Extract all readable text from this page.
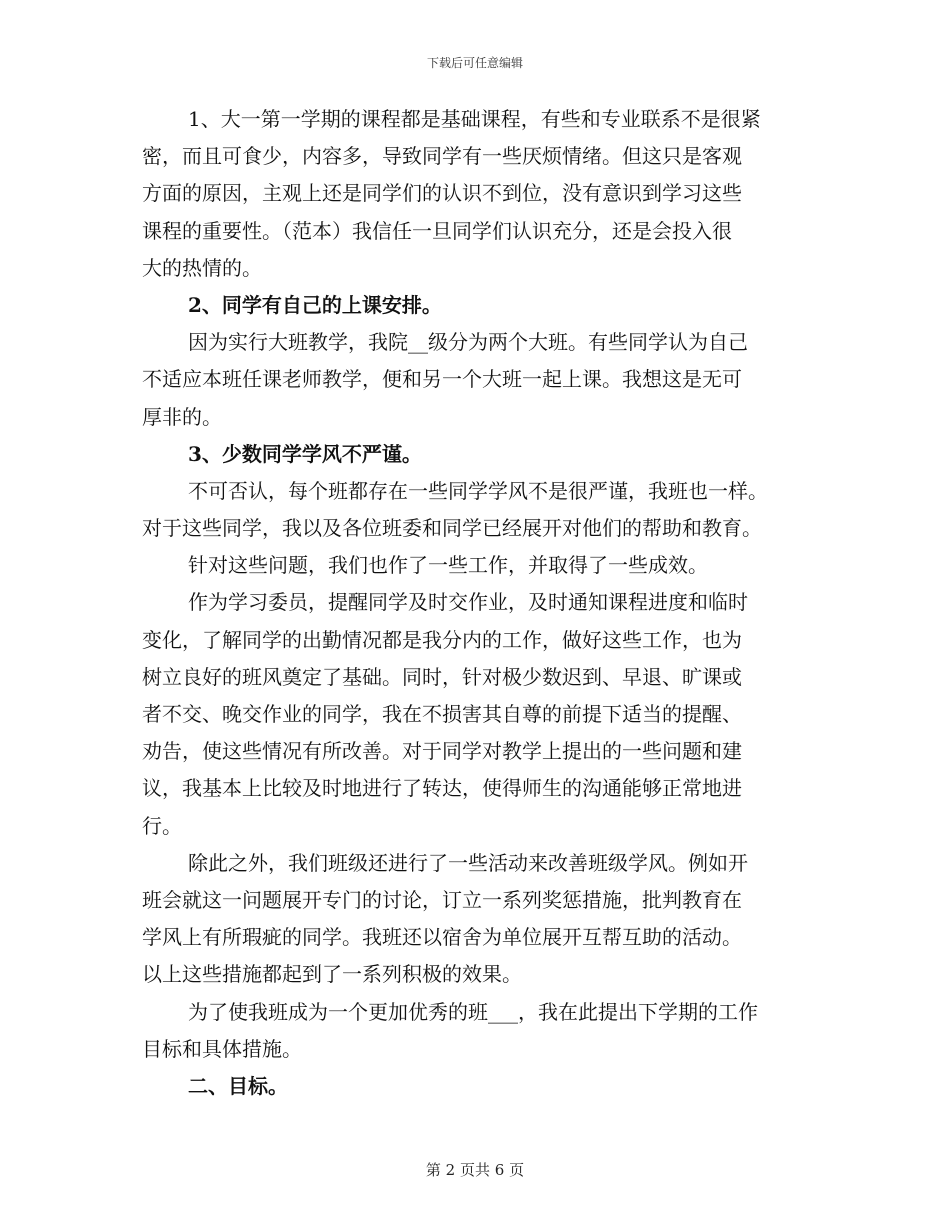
下载后可任意编辑
1、大一第一学期的课程都是基础课程，有些和专业联系不是很紧
密，而且可食少，内容多，导致同学有一些厌烦情绪。但这只是客观
方面的原因，主观上还是同学们的认识不到位，没有意识到学习这些
课程的重要性。（范本）我信任一旦同学们认识充分，还是会投入很
大的热情的。
2、同学有自己的上课安排。
因为实行大班教学，我院__级分为两个大班。有些同学认为自己
不适应本班任课老师教学，便和另一个大班一起上课。我想这是无可
厚非的。
3、少数同学学风不严谨。
不可否认，每个班都存在一些同学学风不是很严谨，我班也一样。
对于这些同学，我以及各位班委和同学已经展开对他们的帮助和教育。
针对这些问题，我们也作了一些工作，并取得了一些成效。
作为学习委员，提醒同学及时交作业，及时通知课程进度和临时
变化，了解同学的出勤情况都是我分内的工作，做好这些工作，也为
树立良好的班风奠定了基础。同时，针对极少数迟到、早退、旷课或
者不交、晚交作业的同学，我在不损害其自尊的前提下适当的提醒、
劝告，使这些情况有所改善。对于同学对教学上提出的一些问题和建
议，我基本上比较及时地进行了转达，使得师生的沟通能够正常地进
行。
除此之外，我们班级还进行了一些活动来改善班级学风。例如开
班会就这一问题展开专门的讨论，订立一系列奖惩措施，批判教育在
学风上有所瑕疵的同学。我班还以宿舍为单位展开互帮互助的活动。
以上这些措施都起到了一系列积极的效果。
为了使我班成为一个更加优秀的班___，我在此提出下学期的工作
目标和具体措施。
二、目标。
第 2 页共 6 页
